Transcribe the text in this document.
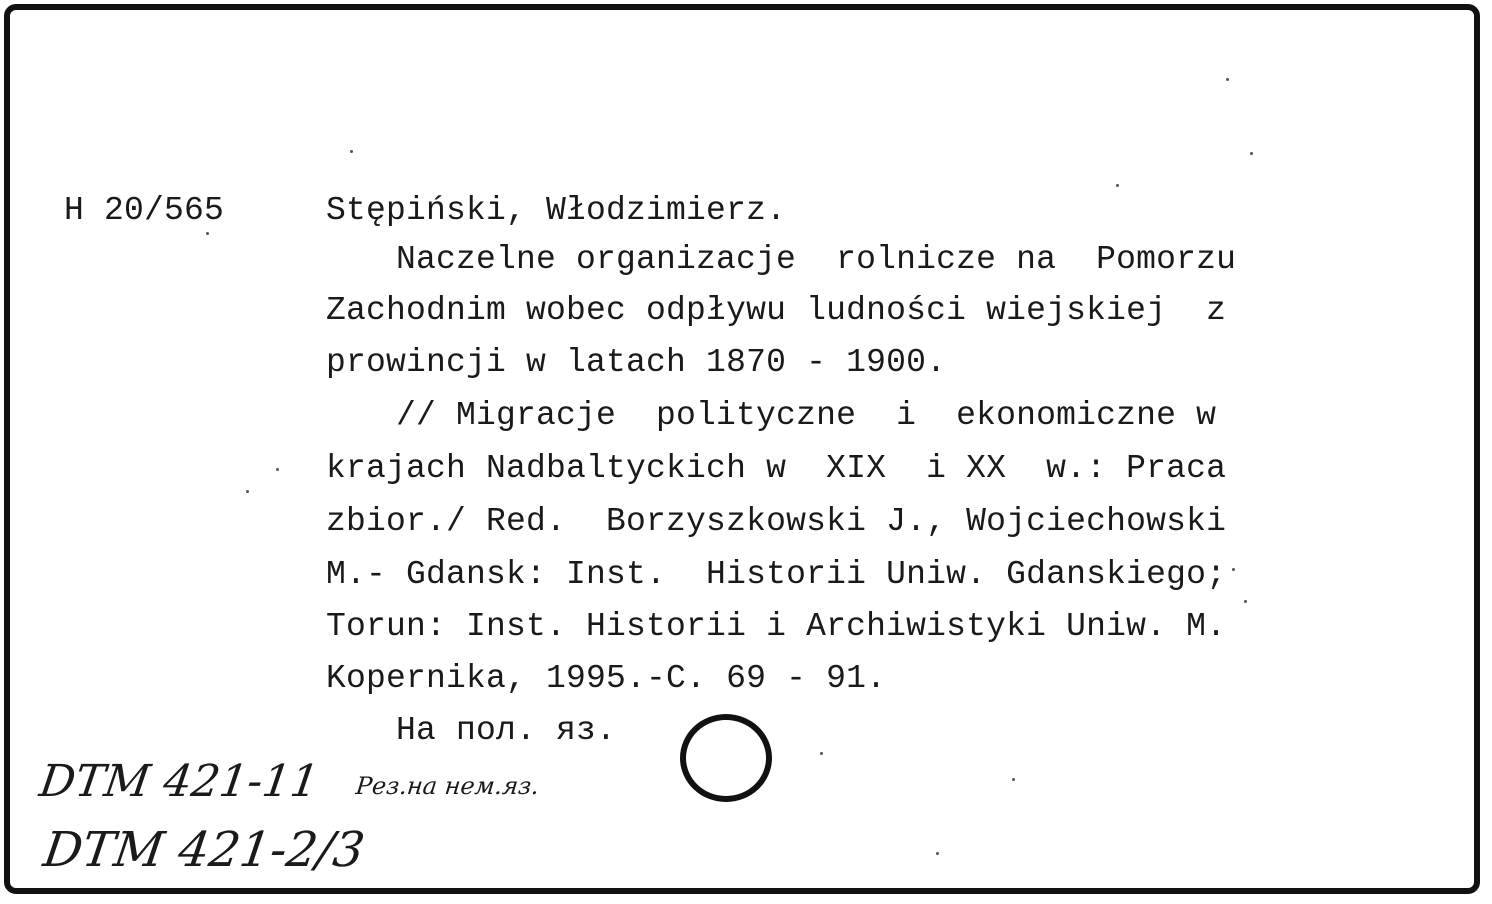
H 20/565	Stępiński, Włodzimierz.
Naczelne organizacje  rolnicze na  Pomorzu
Zachodnim wobec odpływu ludności wiejskiej  z
prowincji w latach 1870 - 1900.
// Migracje  polityczne  i  ekonomiczne w
krajach Nadbaltyckich w  XIX  i XX  w.: Praca
zbior./ Red.  Borzyszkowski J., Wojciechowski
M.- Gdansk: Inst.  Historii Uniw. Gdanskiego;
Torun: Inst. Historii i Archiwistyki Uniw. M.
Kopernika, 1995.-C. 69 - 91.
На пол. яз.
DTM 421-11 Рез.на нем.яз.
DTM 421-2/3
